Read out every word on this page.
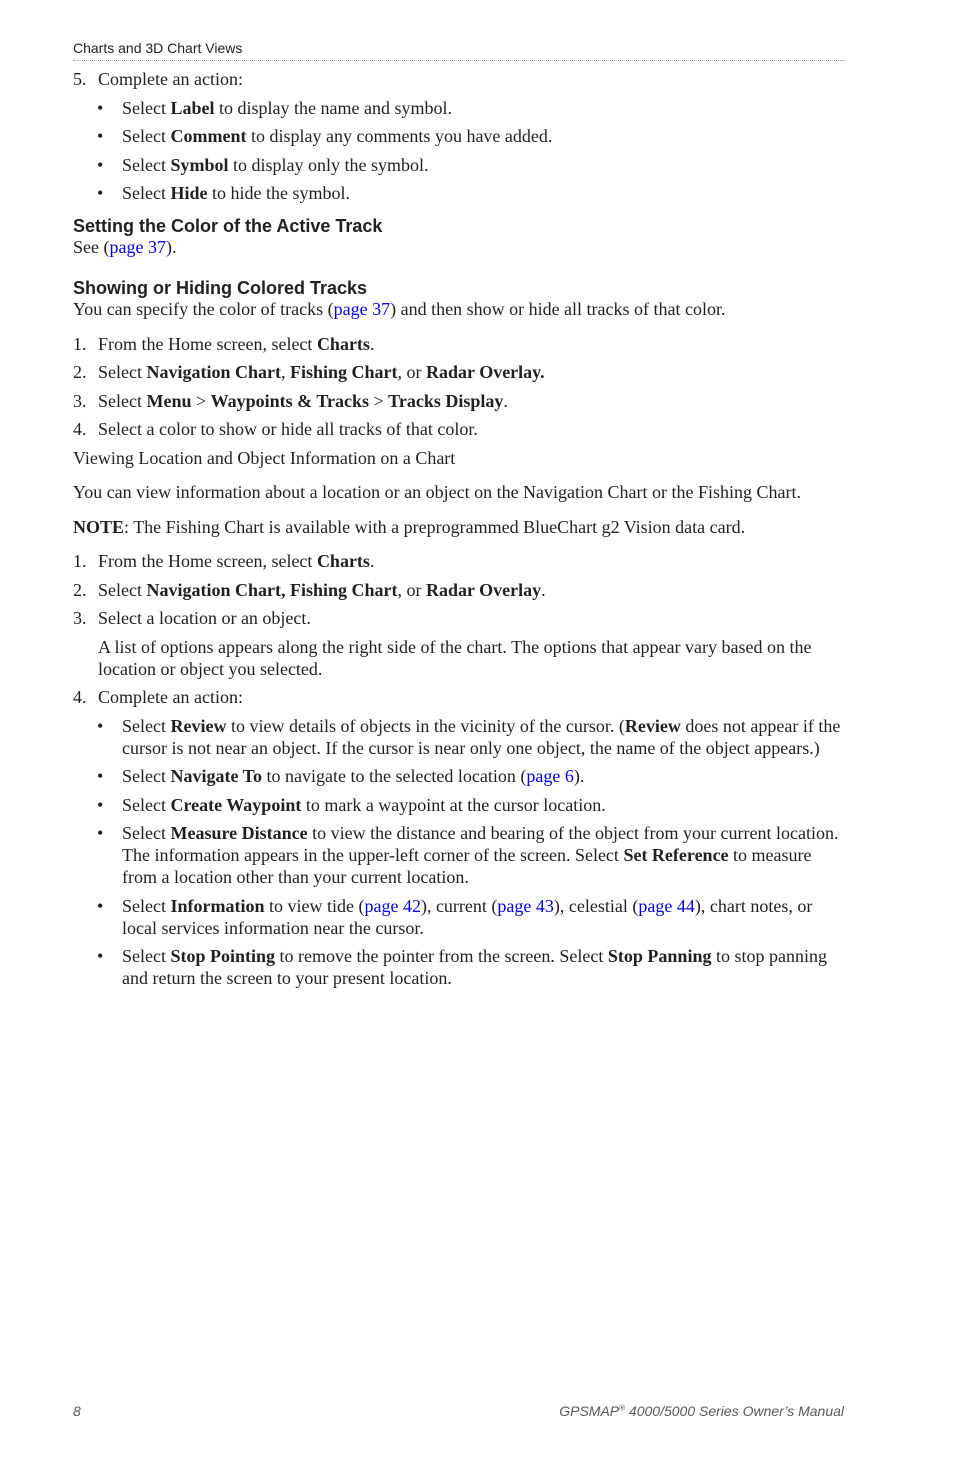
Charts and 3D Chart Views
5. Complete an action:
• Select Label to display the name and symbol.
• Select Comment to display any comments you have added.
• Select Symbol to display only the symbol.
• Select Hide to hide the symbol.
Setting the Color of the Active Track
See (page 37).
Showing or Hiding Colored Tracks
You can specify the color of tracks (page 37) and then show or hide all tracks of that color.
1. From the Home screen, select Charts.
2. Select Navigation Chart, Fishing Chart, or Radar Overlay.
3. Select Menu > Waypoints & Tracks > Tracks Display.
4. Select a color to show or hide all tracks of that color.
Viewing Location and Object Information on a Chart
You can view information about a location or an object on the Navigation Chart or the Fishing Chart.
NOTE: The Fishing Chart is available with a preprogrammed BlueChart g2 Vision data card.
1. From the Home screen, select Charts.
2. Select Navigation Chart, Fishing Chart, or Radar Overlay.
3. Select a location or an object.
A list of options appears along the right side of the chart. The options that appear vary based on the location or object you selected.
4. Complete an action:
• Select Review to view details of objects in the vicinity of the cursor. (Review does not appear if the cursor is not near an object. If the cursor is near only one object, the name of the object appears.)
• Select Navigate To to navigate to the selected location (page 6).
• Select Create Waypoint to mark a waypoint at the cursor location.
• Select Measure Distance to view the distance and bearing of the object from your current location. The information appears in the upper-left corner of the screen. Select Set Reference to measure from a location other than your current location.
• Select Information to view tide (page 42), current (page 43), celestial (page 44), chart notes, or local services information near the cursor.
• Select Stop Pointing to remove the pointer from the screen. Select Stop Panning to stop panning and return the screen to your present location.
8	GPSMAP® 4000/5000 Series Owner’s Manual
